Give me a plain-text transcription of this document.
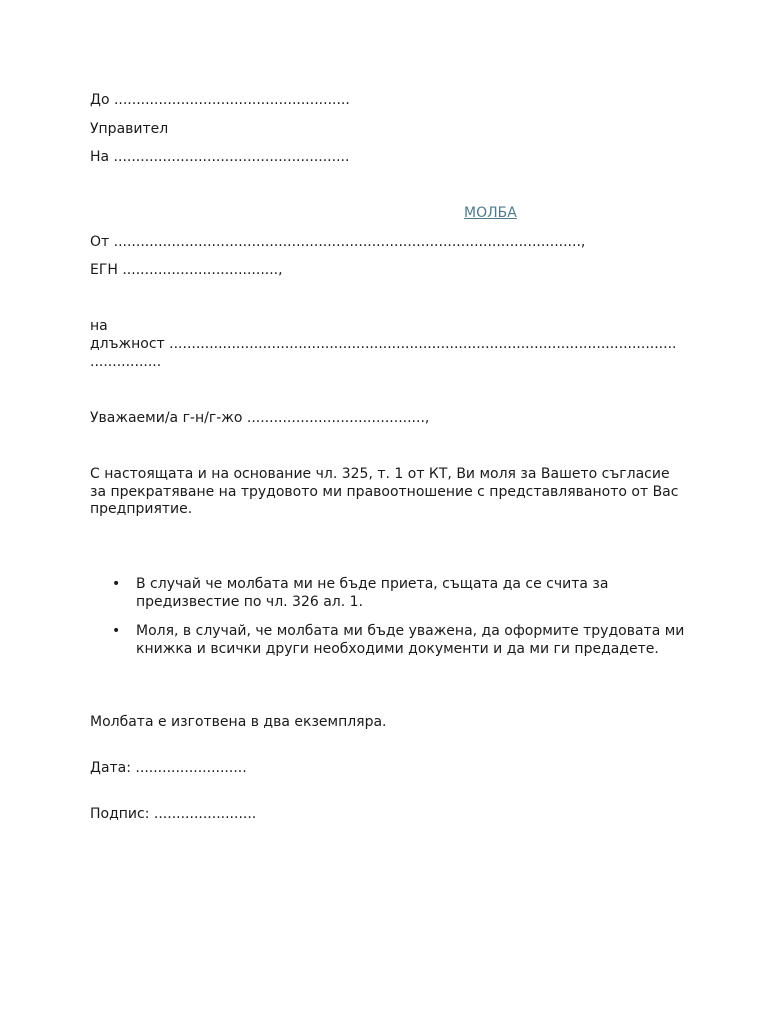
До .....................................................
Управител
На .....................................................
МОЛБА
От .........................................................................................................,
ЕГН ...................................,
на
длъжност ..................................................................................................................
................
Уважаеми/а г-н/г-жо ........................................,
С настоящата и на основание чл. 325, т. 1 от КТ, Ви моля за Вашето съгласие за прекратяване на трудовото ми правоотношение с представляваното от Вас предприятие.
• В случай че молбата ми не бъде приета, същата да се счита за предизвестие по чл. 326 ал. 1.
• Моля, в случай, че молбата ми бъде уважена, да оформите трудовата ми книжка и всички други необходими документи и да ми ги предадете.
Молбата е изготвена в два екземпляра.
Дата: .........................
Подпис: .......................
